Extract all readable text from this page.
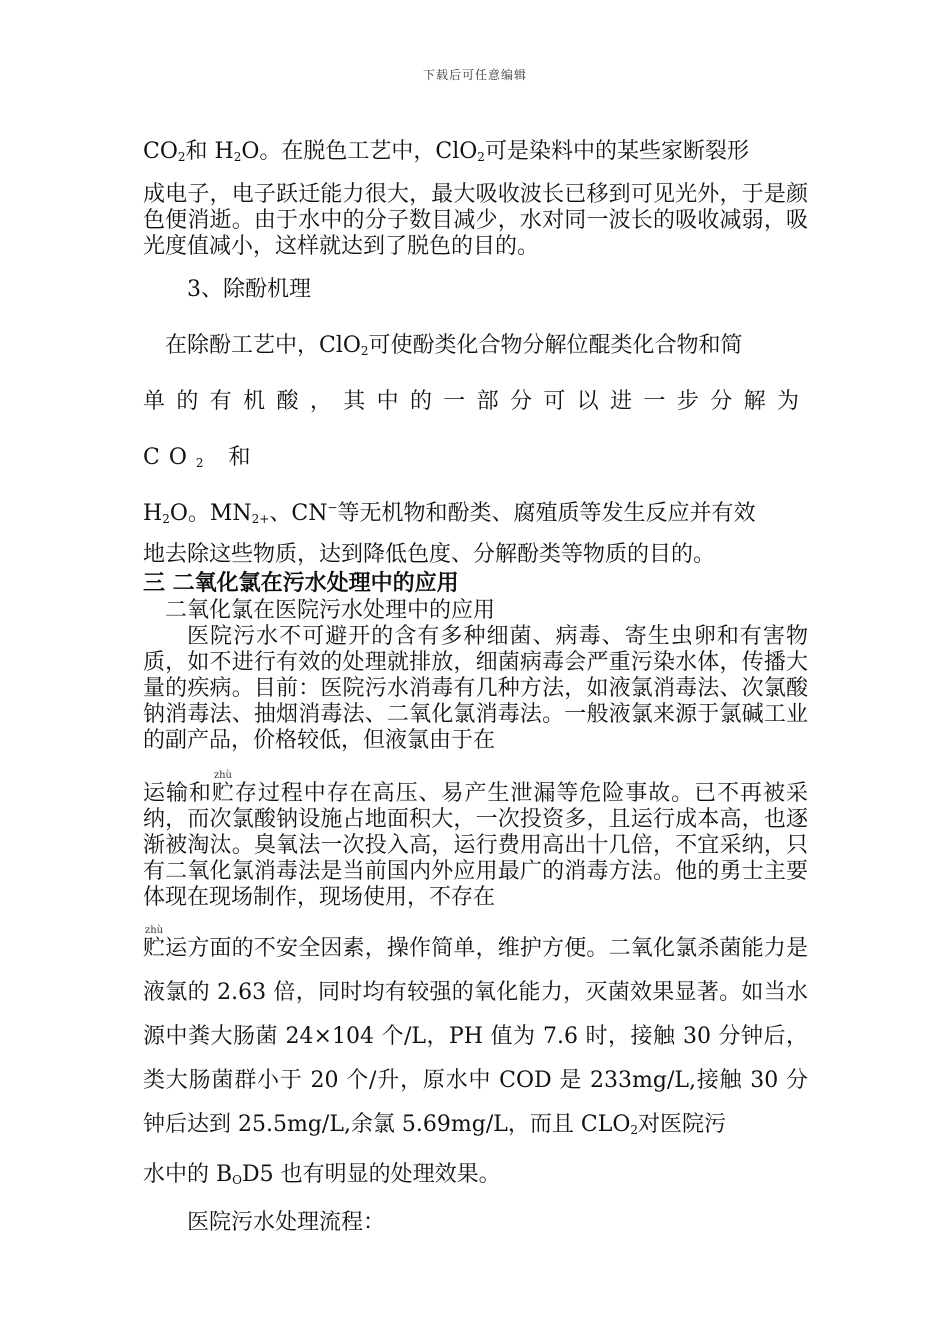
下载后可任意编辑

$CO_2$和 $H_2O$。在脱色工艺中，ClO$_2$可是染料中的某些家断裂形

成电子，电子跃迁能力很大，最大吸收波长已移到可见光外，于是颜色便消逝。由于水中的分子数目减少，水对同一波长的吸收减弱，吸光度值减小，这样就达到了脱色的目的。

3、除酚机理

在除酚工艺中，ClO$_2$可使酚类化合物分解位醌类化合物和简

单的有机酸，其中的一部分可以进一步分解为 $CO_2$ 和

$H_2O$。$MN_{2+}$、CN−等无机物和酚类、腐殖质等发生反应并有效

地去除这些物质，达到降低色度、分解酚类等物质的目的。

三 二氧化氯在污水处理中的应用

二氧化氯在医院污水处理中的应用

医院污水不可避开的含有多种细菌、病毒、寄生虫卵和有害物质，如不进行有效的处理就排放，细菌病毒会严重污染水体，传播大量的疾病。目前：医院污水消毒有几种方法，如液氯消毒法、次氯酸钠消毒法、抽烟消毒法、二氧化氯消毒法。一般液氯来源于氯碱工业的副产品，价格较低，但液氯由于在

运输和贮zhù存过程中存在高压、易产生泄漏等危险事故。已不再被采纳，而次氯酸钠设施占地面积大，一次投资多，且运行成本高，也逐渐被淘汰。臭氧法一次投入高，运行费用高出十几倍，不宜采纳，只有二氧化氯消毒法是当前国内外应用最广的消毒方法。他的勇士主要体现在现场制作，现场使用，不存在

贮zhù运方面的不安全因素，操作简单，维护方便。二氧化氯杀菌能力是液氯的 2.63 倍，同时均有较强的氧化能力，灭菌效果显著。如当水源中粪大肠菌 24×104 个/L，PH 值为 7.6 时，接触 30 分钟后，类大肠菌群小于 20 个/升，原水中 COD 是 233mg/L,接触 30 分钟后达到 25.5mg/L,余氯 5.69mg/L，而且 $CLO_2$对医院污

水中的 $B_OD5$ 也有明显的处理效果。

医院污水处理流程：
